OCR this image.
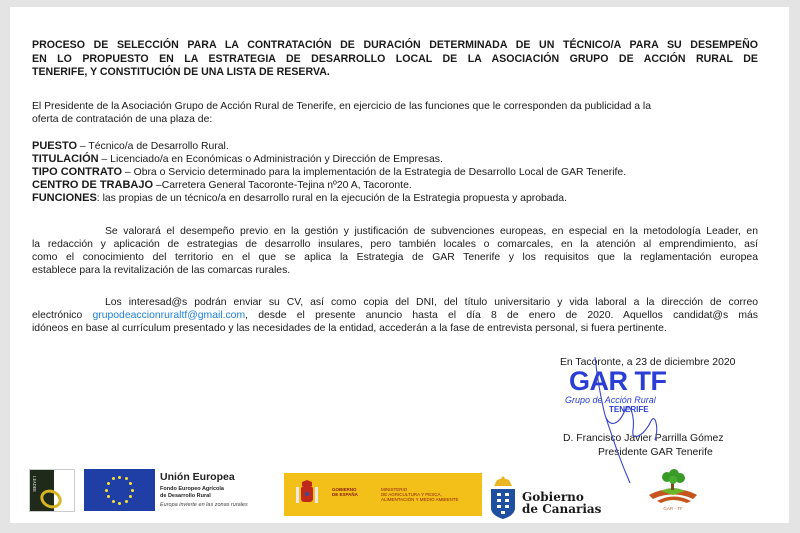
PROCESO DE SELECCIÓN PARA LA CONTRATACIÓN DE DURACIÓN DETERMINADA DE UN TÉCNICO/A PARA SU DESEMPEÑO
EN LO PROPUESTO EN LA ESTRATEGIA DE DESARROLLO LOCAL DE LA ASOCIACIÓN GRUPO DE ACCIÓN RURAL DE
TENERIFE, Y CONSTITUCIÓN DE UNA LISTA DE RESERVA.
El Presidente de la Asociación Grupo de Acción Rural de Tenerife, en ejercicio de las funciones que le corresponden da publicidad a la
oferta de contratación de una plaza de:
PUESTO – Técnico/a de Desarrollo Rural.
TITULACIÓN – Licenciado/a en Económicas o Administración y Dirección de Empresas.
TIPO CONTRATO – Obra o Servicio determinado para la implementación de la Estrategia de Desarrollo Local de GAR Tenerife.
CENTRO DE TRABAJO –Carretera General Tacoronte-Tejina nº20 A, Tacoronte.
FUNCIONES: las propias de un técnico/a en desarrollo rural en la ejecución de la Estrategia propuesta y aprobada.
Se valorará el desempeño previo en la gestión y justificación de subvenciones europeas, en especial en la metodología Leader, en
la redacción y aplicación de estrategias de desarrollo insulares, pero también locales o comarcales, en la atención al emprendimiento, así
como el conocimiento del territorio en el que se aplica la Estrategia de GAR Tenerife y los requisitos que la reglamentación europea
establece para la revitalización de las comarcas rurales.
Los interesad@s podrán enviar su CV, así como copia del DNI, del título universitario y vida laboral a la dirección de correo
electrónico grupodeaccionruraltf@gmail.com, desde el presente anuncio hasta el día 8 de enero de 2020. Aquellos candidat@s más
idóneos en base al currículum presentado y las necesidades de la entidad, accederán a la fase de entrevista personal, si fuera pertinente.
En Tacoronte, a 23 de diciembre 2020
D. Francisco Javier Parrilla Gómez
Presidente GAR Tenerife
GAR TF
Grupo de Acción Rural
TENERIFE
LEADER	Unión Europea
Fondo Europeo Agrícola
de Desarrollo Rural
Europa invierte en las zonas rurales
GOBIERNO
DE ESPAÑA
MINISTERIO
DE AGRICULTURA Y PESCA,
ALIMENTACIÓN Y MEDIO AMBIENTE	Gobierno
de Canarias	GAR - TF
